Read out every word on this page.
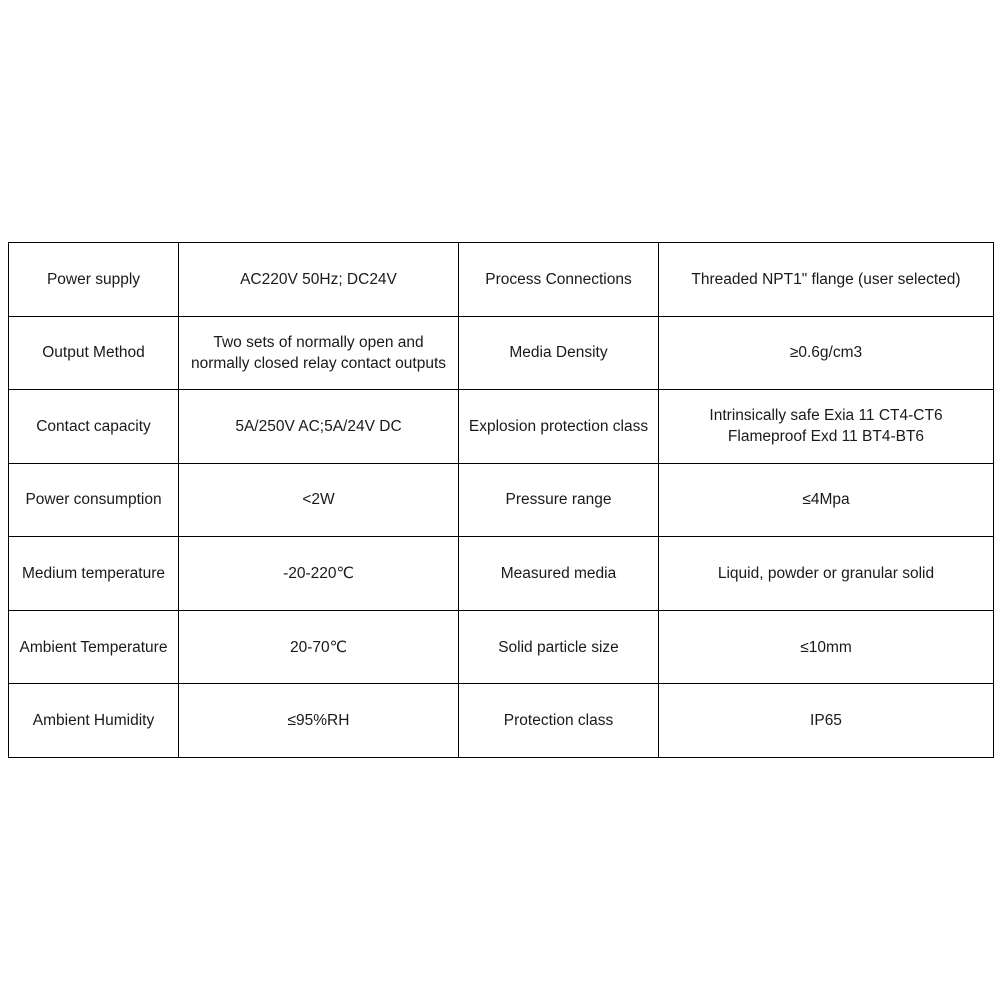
Power supply	AC220V 50Hz; DC24V	Process Connections	Threaded NPT1" flange (user selected)
Output Method	Two sets of normally open and
normally closed relay contact outputs	Media Density	≥0.6g/cm3
Contact capacity	5A/250V AC;5A/24V DC	Explosion protection class	Intrinsically safe Exia 11 CT4-CT6
Flameproof Exd 11 BT4-BT6
Power consumption	<2W	Pressure range	≤4Mpa
Medium temperature	-20-220℃	Measured media	Liquid, powder or granular solid
Ambient Temperature	20-70℃	Solid particle size	≤10mm
Ambient Humidity	≤95%RH	Protection class	IP65
